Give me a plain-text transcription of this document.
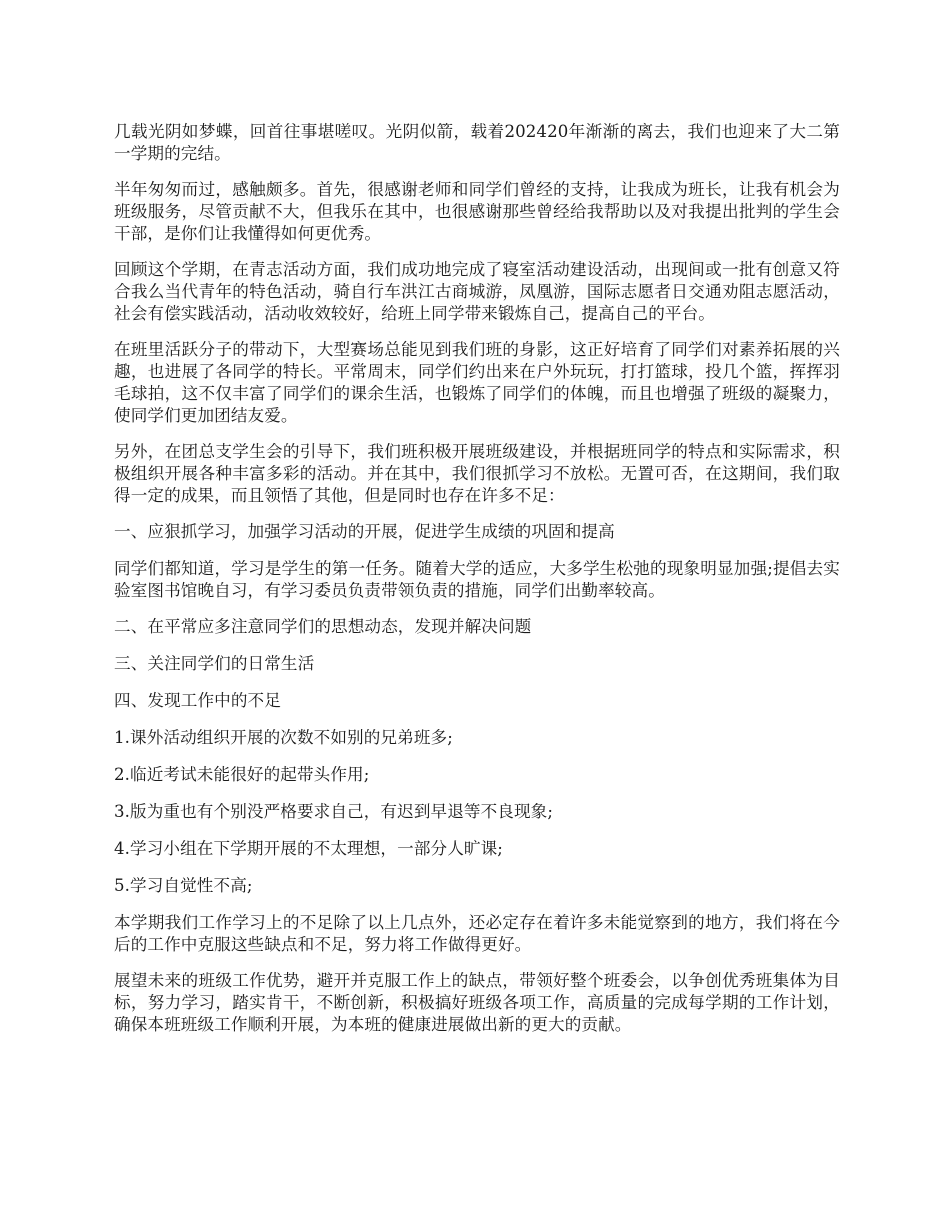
几载光阴如梦蝶，回首往事堪嗟叹。光阴似箭，载着202420年渐渐的离去，我们也迎来了大二第一学期的完结。

半年匆匆而过，感触颇多。首先，很感谢老师和同学们曾经的支持，让我成为班长，让我有机会为班级服务，尽管贡献不大，但我乐在其中，也很感谢那些曾经给我帮助以及对我提出批判的学生会干部，是你们让我懂得如何更优秀。

回顾这个学期，在青志活动方面，我们成功地完成了寝室活动建设活动，出现间或一批有创意又符合我么当代青年的特色活动，骑自行车洪江古商城游，凤凰游，国际志愿者日交通劝阻志愿活动，社会有偿实践活动，活动收效较好，给班上同学带来锻炼自己，提高自己的平台。

在班里活跃分子的带动下，大型赛场总能见到我们班的身影，这正好培育了同学们对素养拓展的兴趣，也进展了各同学的特长。平常周末，同学们约出来在户外玩玩，打打篮球，投几个篮，挥挥羽毛球拍，这不仅丰富了同学们的课余生活，也锻炼了同学们的体魄，而且也增强了班级的凝聚力，使同学们更加团结友爱。

另外，在团总支学生会的引导下，我们班积极开展班级建设，并根据班同学的特点和实际需求，积极组织开展各种丰富多彩的活动。并在其中，我们很抓学习不放松。无置可否，在这期间，我们取得一定的成果，而且领悟了其他，但是同时也存在许多不足：

一、应狠抓学习，加强学习活动的开展，促进学生成绩的巩固和提高

同学们都知道，学习是学生的第一任务。随着大学的适应，大多学生松弛的现象明显加强;提倡去实验室图书馆晚自习，有学习委员负责带领负责的措施，同学们出勤率较高。

二、在平常应多注意同学们的思想动态，发现并解决问题

三、关注同学们的日常生活

四、发现工作中的不足

1.课外活动组织开展的次数不如别的兄弟班多;

2.临近考试未能很好的起带头作用;

3.版为重也有个别没严格要求自己，有迟到早退等不良现象;

4.学习小组在下学期开展的不太理想，一部分人旷课;

5.学习自觉性不高;

本学期我们工作学习上的不足除了以上几点外，还必定存在着许多未能觉察到的地方，我们将在今后的工作中克服这些缺点和不足，努力将工作做得更好。

展望未来的班级工作优势，避开并克服工作上的缺点，带领好整个班委会，以争创优秀班集体为目标，努力学习，踏实肯干，不断创新，积极搞好班级各项工作，高质量的完成每学期的工作计划，确保本班班级工作顺利开展，为本班的健康进展做出新的更大的贡献。
